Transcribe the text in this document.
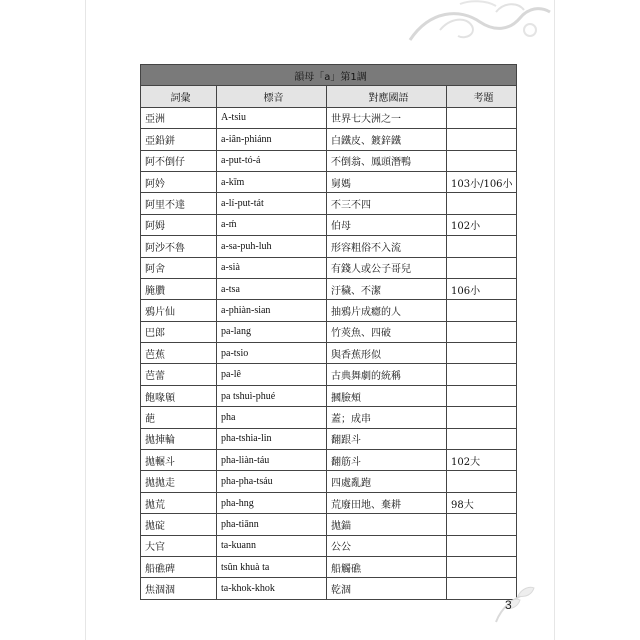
韻母「a」第1調			
詞彙	標音	對應國語	考題
亞洲	A-tsiu	世界七大洲之一	
亞鉛鉼	a-iân-phiánn	白鐵皮、鍍鋅鐵	
阿不倒仔	a-put-tó-á	不倒翁、鳳頭潛鴨	
阿妗	a-kīm	舅媽	103小/106小
阿里不達	a-lí-put-tát	不三不四	
阿姆	a-ḿ	伯母	102小
阿沙不魯	a-sa-puh-luh	形容粗俗不入流	
阿舍	a-sià	有錢人或公子哥兒	
腌臢	a-tsa	汙穢、不潔	106小
鴉片仙	a-phiàn-sian	抽鴉片成癮的人	
巴郎	pa-lang	竹莢魚、四破	
芭蕉	pa-tsio	與香蕉形似	
芭蕾	pa-lê	古典舞劇的統稱	
飽喙顊	pa tshuì-phué	摑臉頰	
葩	pha	蓋；成串	
拋捙輪	pha-tshia-lin	翻跟斗	
拋輾斗	pha-liàn-táu	翻筋斗	102大
拋拋走	pha-pha-tsáu	四處亂跑	
拋荒	pha-hng	荒廢田地、棄耕	98大
拋碇	pha-tiānn	拋錨	
大官	ta-kuann	公公	
船礁碑	tsûn khuà ta	船觸礁	
焦涸涸	ta-khok-khok	乾涸	
3
